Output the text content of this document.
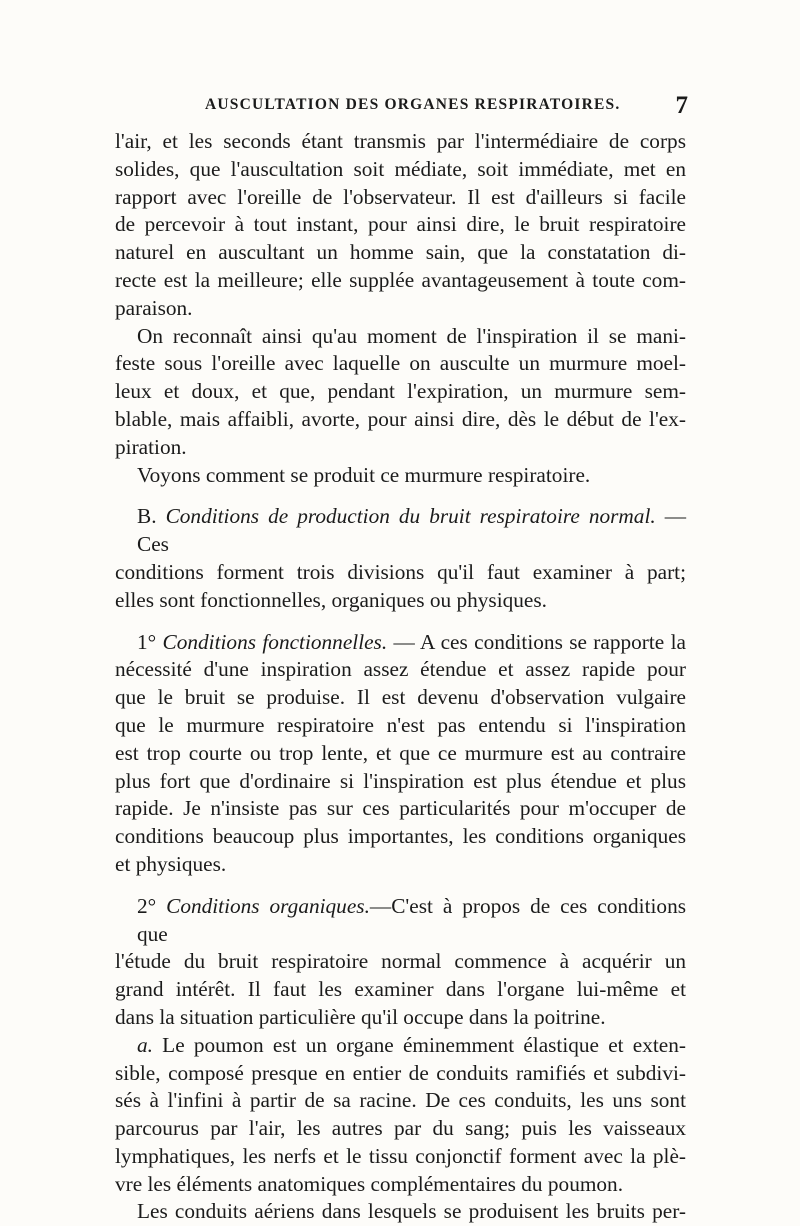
AUSCULTATION DES ORGANES RESPIRATOIRES. 7

l'air, et les seconds étant transmis par l'intermédiaire de corps

solides, que l'auscultation soit médiate, soit immédiate, met en

rapport avec l'oreille de l'observateur. Il est d'ailleurs si facile

de percevoir à tout instant, pour ainsi dire, le bruit respiratoire

naturel en auscultant un homme sain, que la constatation di-

recte est la meilleure; elle supplée avantageusement à toute com-

paraison.

On reconnaît ainsi qu'au moment de l'inspiration il se mani-

feste sous l'oreille avec laquelle on ausculte un murmure moel-

leux et doux, et que, pendant l'expiration, un murmure sem-

blable, mais affaibli, avorte, pour ainsi dire, dès le début de l'ex-

piration.

Voyons comment se produit ce murmure respiratoire.

B. Conditions de production du bruit respiratoire normal. — Ces

conditions forment trois divisions qu'il faut examiner à part;

elles sont fonctionnelles, organiques ou physiques.

1° Conditions fonctionnelles. — A ces conditions se rapporte la

nécessité d'une inspiration assez étendue et assez rapide pour

que le bruit se produise. Il est devenu d'observation vulgaire

que le murmure respiratoire n'est pas entendu si l'inspiration

est trop courte ou trop lente, et que ce murmure est au contraire

plus fort que d'ordinaire si l'inspiration est plus étendue et plus

rapide. Je n'insiste pas sur ces particularités pour m'occuper de

conditions beaucoup plus importantes, les conditions organiques

et physiques.

2° Conditions organiques.—C'est à propos de ces conditions que

l'étude du bruit respiratoire normal commence à acquérir un

grand intérêt. Il faut les examiner dans l'organe lui-même et

dans la situation particulière qu'il occupe dans la poitrine.

a. Le poumon est un organe éminemment élastique et exten-

sible, composé presque en entier de conduits ramifiés et subdivi-

sés à l'infini à partir de sa racine. De ces conduits, les uns sont

parcourus par l'air, les autres par du sang; puis les vaisseaux

lymphatiques, les nerfs et le tissu conjonctif forment avec la plè-

vre les éléments anatomiques complémentaires du poumon.

Les conduits aériens dans lesquels se produisent les bruits per-
